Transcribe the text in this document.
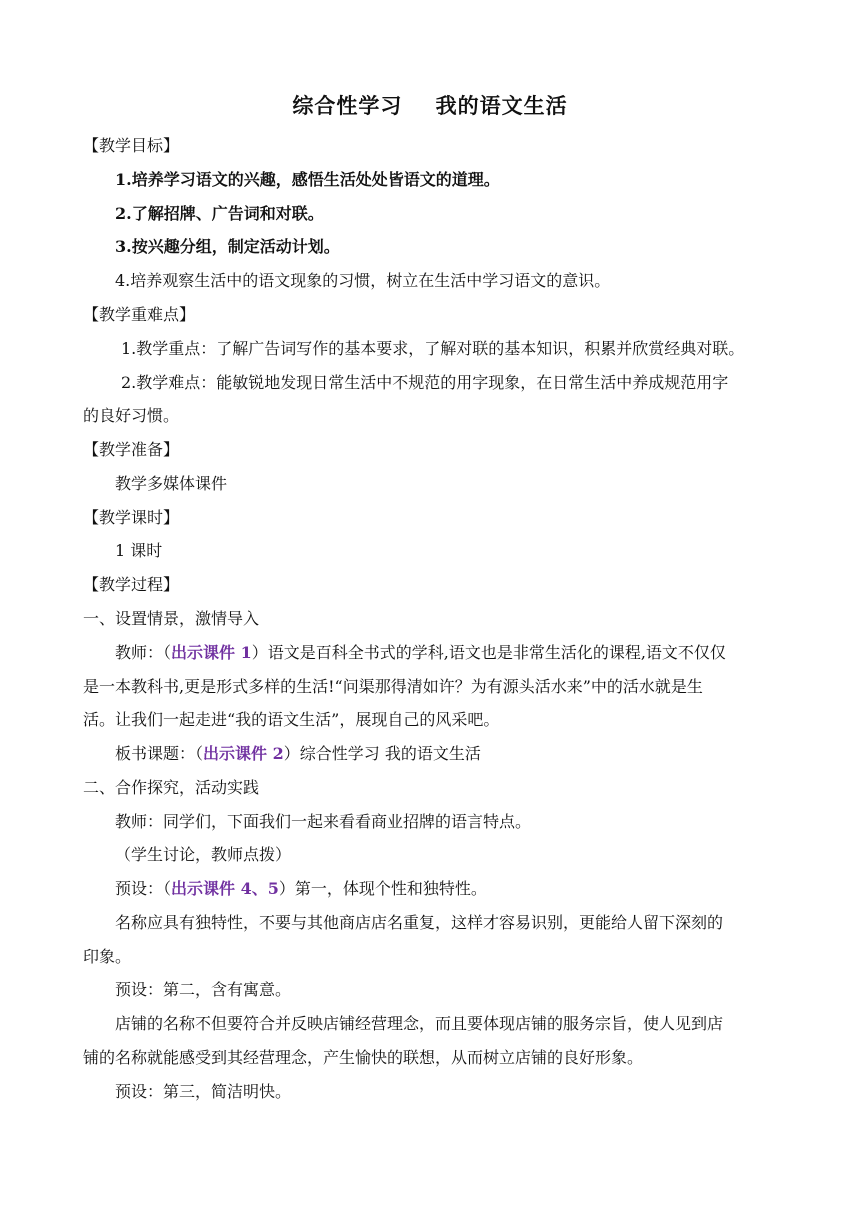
综合性学习    我的语文生活
【教学目标】
1.培养学习语文的兴趣，感悟生活处处皆语文的道理。
2.了解招牌、广告词和对联。
3.按兴趣分组，制定活动计划。
4.培养观察生活中的语文现象的习惯，树立在生活中学习语文的意识。
【教学重难点】
1.教学重点：了解广告词写作的基本要求，了解对联的基本知识，积累并欣赏经典对联。
2.教学难点：能敏锐地发现日常生活中不规范的用字现象，在日常生活中养成规范用字
的良好习惯。
【教学准备】
教学多媒体课件
【教学课时】
1 课时
【教学过程】
一、设置情景，激情导入
教师：（出示课件 1）语文是百科全书式的学科,语文也是非常生活化的课程,语文不仅仅
是一本教科书,更是形式多样的生活!“问渠那得清如许？为有源头活水来”中的活水就是生
活。让我们一起走进“我的语文生活”，展现自己的风采吧。
板书课题：（出示课件 2）综合性学习 我的语文生活
二、合作探究，活动实践
教师：同学们，下面我们一起来看看商业招牌的语言特点。
（学生讨论，教师点拨）
预设：（出示课件 4、5）第一，体现个性和独特性。
名称应具有独特性，不要与其他商店店名重复，这样才容易识别，更能给人留下深刻的
印象。
预设：第二，含有寓意。
店铺的名称不但要符合并反映店铺经营理念，而且要体现店铺的服务宗旨，使人见到店
铺的名称就能感受到其经营理念，产生愉快的联想，从而树立店铺的良好形象。
预设：第三，简洁明快。
